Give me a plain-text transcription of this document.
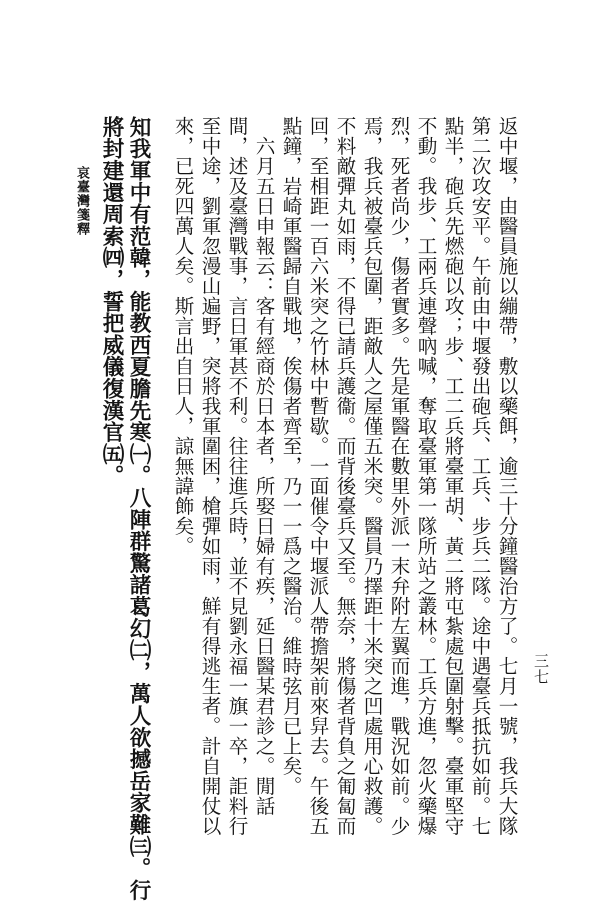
哀臺灣箋釋
三七
返中堰，由醫員施以繃帶，敷以藥餌，逾三十分鐘醫治方了。七月一號，我兵大隊
第二次攻安平。午前由中堰發出砲兵、工兵、步兵二隊。途中遇臺兵抵抗如前。七
點半，砲兵先燃砲以攻；步、工二兵將臺軍胡、黃二將屯紮處包圍射擊。臺軍堅守
不動。我步、工兩兵連聲吶喊，奪取臺軍第一隊所站之叢林。工兵方進，忽火藥爆
烈，死者尚少，傷者實多。先是軍醫在數里外派一末弁附左翼而進，戰況如前。少
焉，我兵被臺兵包圍，距敵人之屋僅五米突。醫員乃擇距十米突之凹處用心救護。
不料敵彈丸如雨，不得已請兵護衞。而背後臺兵又至。無奈，將傷者背負之匍匐而
回，至相距一百六米突之竹林中暫歇。一面催令中堰派人帶擔架前來舁去。午後五
點鐘，岩崎軍醫歸自戰地，俟傷者齊至，乃一一爲之醫治。維時弦月已上矣。
　六月五日申報云：客有經商於日本者，所娶日婦有疾，延日醫某君診之。閒話
間，述及臺灣戰事，言日軍甚不利。往往進兵時，並不見劉永福一旗一卒，詎料行
至中途，劉軍忽漫山遍野，突將我軍圍困，槍彈如雨，鮮有得逃生者。計自開仗以
來，已死四萬人矣。斯言出自日人，諒無諱飾矣。
知我軍中有范韓，能教西夏膽先寒㈠。八陣群驚諸葛幻㈡，萬人欲撼岳家難㈢。行
將封建還周索㈣，誓把威儀復漢官㈤。
